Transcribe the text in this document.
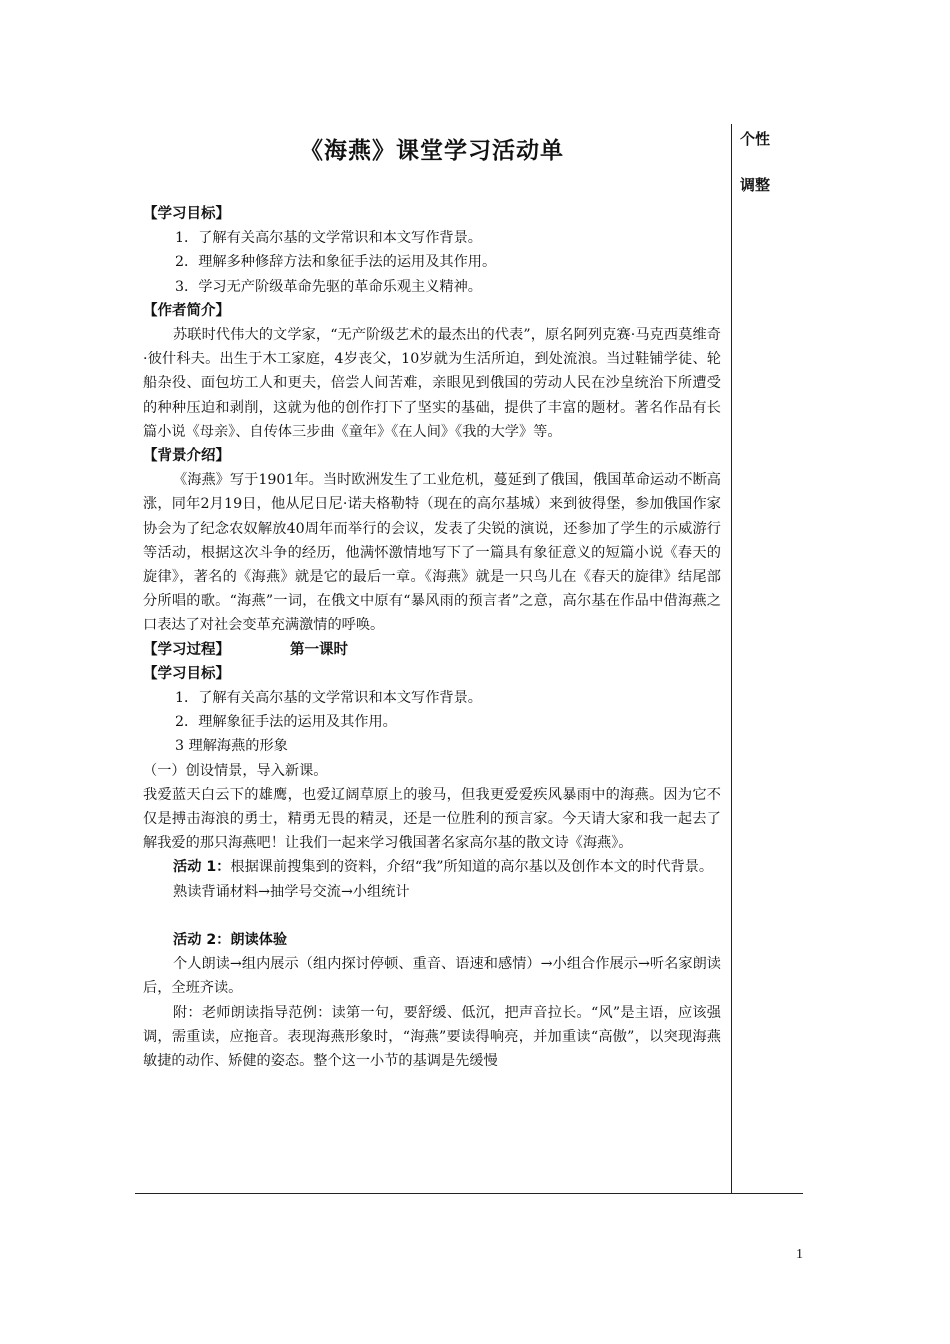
个性
调整
《海燕》课堂学习活动单

【学习目标】

1．了解有关高尔基的文学常识和本文写作背景。

2．理解多种修辞方法和象征手法的运用及其作用。

3．学习无产阶级革命先驱的革命乐观主义精神。

【作者简介】

苏联时代伟大的文学家，“无产阶级艺术的最杰出的代表”，原名阿列克赛·马克西莫维奇·彼什科夫。出生于木工家庭，4岁丧父，10岁就为生活所迫，到处流浪。当过鞋铺学徒、轮船杂役、面包坊工人和更夫，倍尝人间苦难，亲眼见到俄国的劳动人民在沙皇统治下所遭受的种种压迫和剥削，这就为他的创作打下了坚实的基础，提供了丰富的题材。著名作品有长篇小说《母亲》、自传体三步曲《童年》《在人间》《我的大学》等。

【背景介绍】

《海燕》写于1901年。当时欧洲发生了工业危机，蔓延到了俄国，俄国革命运动不断高涨，同年2月19日，他从尼日尼·诺夫格勒特（现在的高尔基城）来到彼得堡，参加俄国作家协会为了纪念农奴解放40周年而举行的会议，发表了尖锐的演说，还参加了学生的示威游行等活动，根据这次斗争的经历，他满怀激情地写下了一篇具有象征意义的短篇小说《春天的旋律》，著名的《海燕》就是它的最后一章。《海燕》就是一只鸟儿在《春天的旋律》结尾部分所唱的歌。“海燕”一词，在俄文中原有“暴风雨的预言者”之意，高尔基在作品中借海燕之口表达了对社会变革充满激情的呼唤。

【学习过程】	第一课时

【学习目标】

1．了解有关高尔基的文学常识和本文写作背景。

2．理解象征手法的运用及其作用。

3 理解海燕的形象

（一）创设情景，导入新课。

我爱蓝天白云下的雄鹰，也爱辽阔草原上的骏马，但我更爱爱疾风暴雨中的海燕。因为它不仅是搏击海浪的勇士，精勇无畏的精灵，还是一位胜利的预言家。今天请大家和我一起去了解我爱的那只海燕吧！让我们一起来学习俄国著名家高尔基的散文诗《海燕》。

活动 1：根据课前搜集到的资料，介绍“我”所知道的高尔基以及创作本文的时代背景。

熟读背诵材料→抽学号交流→小组统计

活动 2：朗读体验

个人朗读→组内展示（组内探讨停顿、重音、语速和感情）→小组合作展示→听名家朗读后，全班齐读。

附：老师朗读指导范例：读第一句，要舒缓、低沉，把声音拉长。“风”是主语，应该强调，需重读，应拖音。表现海燕形象时，“海燕”要读得响亮，并加重读“高傲”，以突现海燕敏捷的动作、矫健的姿态。整个这一小节的基调是先缓慢

1
